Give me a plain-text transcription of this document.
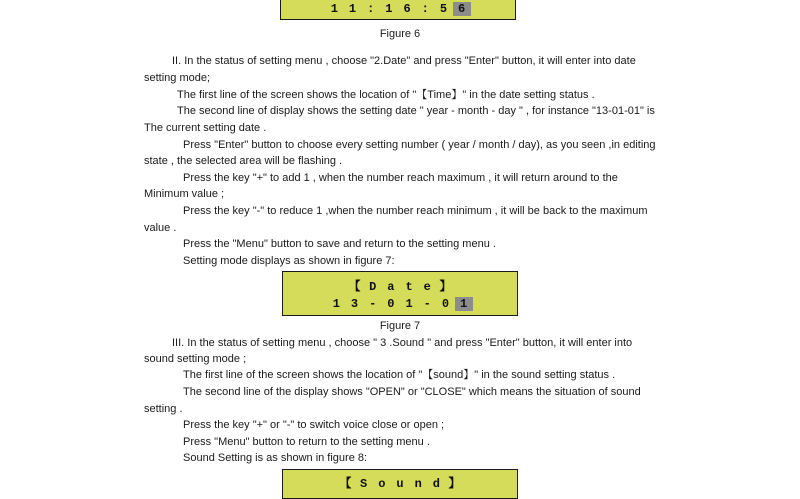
1 1 : 1 6 : 5 6
Figure 6
II. In the status of setting menu , choose "2.Date" and press "Enter" button, it will enter into date
setting mode;
The first line of the screen shows the location of "【Time】" in the date setting status .
The second line of display shows the setting date " year - month - day " , for instance "13-01-01" is
The current setting date .
Press "Enter" button to choose every setting number ( year / month / day), as you seen ,in editing
state , the selected area will be flashing .
Press the key "+" to add 1 , when the number reach maximum , it will return around to the
Minimum value ;
Press the key "-" to reduce 1 ,when the number reach minimum , it will be back to the maximum
value .
Press the "Menu" button to save and return to the setting menu .
Setting mode displays as shown in figure 7:
【 D a t e 】
1 3 - 0 1 - 0 1
Figure 7
III. In the status of setting menu , choose " 3 .Sound " and press "Enter" button, it will enter into
sound setting mode ;
The first line of the screen shows the location of "【sound】" in the sound setting status .
The second line of the display shows "OPEN" or "CLOSE" which means the situation of sound
setting .
Press the key "+" or "-" to switch voice close or open ;
Press "Menu" button to return to the setting menu .
Sound Setting is as shown in figure 8:
【 S o u n d 】
